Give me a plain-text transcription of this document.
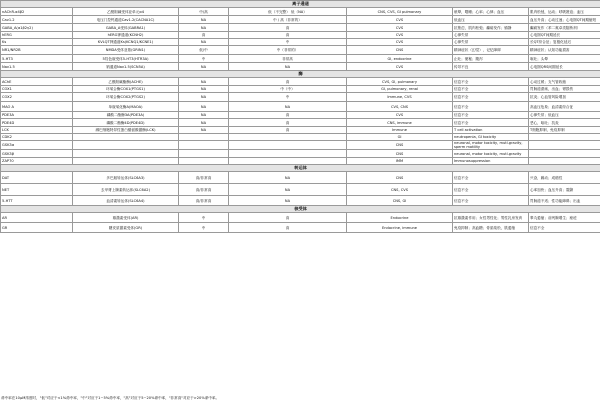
离子通道						
nAChR-α4β2	乙酰胆碱受体亚单元α4	中/高	低（不完整） 低（NA）	CNS, CVS, GI pulmonary	眩晕，嗜睡；心率；心律；血压	肌肉松弛，运动；呼吸窘迫；血压
Cav1.2	电压门控钙通道Cav1.2(CACNA1C)	NA	中 / 高（非常的）	CVS	低血压	血压升高；心动过速；心电图QT间期缩短
GABA_A(α1β2γ2)	GABA_A受体(GABRA1)	NA	高	CVS	抗焦虑，肌肉松弛；癫痫发作；镇静	癫痫发作（苯二氮卓类阻断剂）
hERG	hERG钾通道(KCNH2)	高	高	CVS	心律失常	心电图QT间期延长
Ks	KVLQT钾通道Ks(KCNQ1/KCNE1)	NA	中	CVS	心律失常	长QT综合征；复极化延迟
NR1/NR2B	NMDA受体亚基(GRIN1)	低/中	中（非常的）	CNS	精神症状（幻觉），记忆障碍	精神症状；认知功能损害
5-HT3	5羟色胺受体5-HT3(HTR3A)	中	非常高	GI, endocrine	止吐；便秘；腹泻	呕吐；头晕
Nav1.5	钠通道Nav1.5(SCN5A)	NA	NA	CVS	传导不良	心电图QRS间期延长
酶						
AChE	乙酰胆碱酯酶(ACHE)	NA	高	CVS, GI, pulmonary	信息不全	心动过缓；支气管收缩
COX1	环氧合酶COX1(PTGS1)	NA	中（中）	GI, pulmonary, renal	信息不全	胃肠道溃疡，出血；肾损伤
COX2	环氧合酶COX2(PTGS2)	NA	中	Immune, CVS	信息不全	抗炎；心血管风险增加
MAO A	单胺氧化酶A(MAOA)	NA	NA	CVS, CNS	信息不全	高血压危象；血清素综合征
PDE3A	磷酸二酯酶3A(PDE3A)	NA	高	CVS	信息不全	心律失常；低血压
PDE4D	磷酸二酯酶4D(PDE4D)	NA	高	CNS, immune	信息不全	恶心，呕吐；抗炎
LCK	淋巴细胞特异性蛋白酪氨酸激酶(LCK)	NA	高	Immune	T cell activation	T细胞抑制，免疫抑制
CDK2				GI	neutropenia, GI toxicity	
GSK3α				CNS	neuronal, motor toxicity, mutl.gravity, sperm motility	
GSK3β				CNS	neuronal, motor toxicity, mutl.gravity	
ZAP70				IMM	Immunosuppression	
转运体						
DAT	多巴胺转运体(SLC6A3)	高/非常高	NA	CNS	信息不全	兴奋，躁动；成瘾性
NET	去甲肾上腺素转运体(SLC6A2)	高/非常高	NA	CNS, CVS	信息不全	心率加快；血压升高；震颤
5-HTT	血清素转运体(SLC6A4)	高/非常高	NA	CNS, GI	信息不全	胃肠道不适；性功能障碍；出血
核受体						
AR	雄激素受体(AR)	中	高	Endocrine	抗雄激素作用；女性男性化；男性乳房发育	睾丸萎缩；前列腺增生；痤疮
GR	糖皮质激素受体(GR)	中	高	Endocrine, immune	免疫抑制；高血糖；骨质疏松，肌萎缩	信息不全
命中率在10μM浓度时，"低"对应于<1%命中率，"中"对应于1~5%命中率，"高"对应于5~20%命中率，"非常高"对应于>20%命中率。
